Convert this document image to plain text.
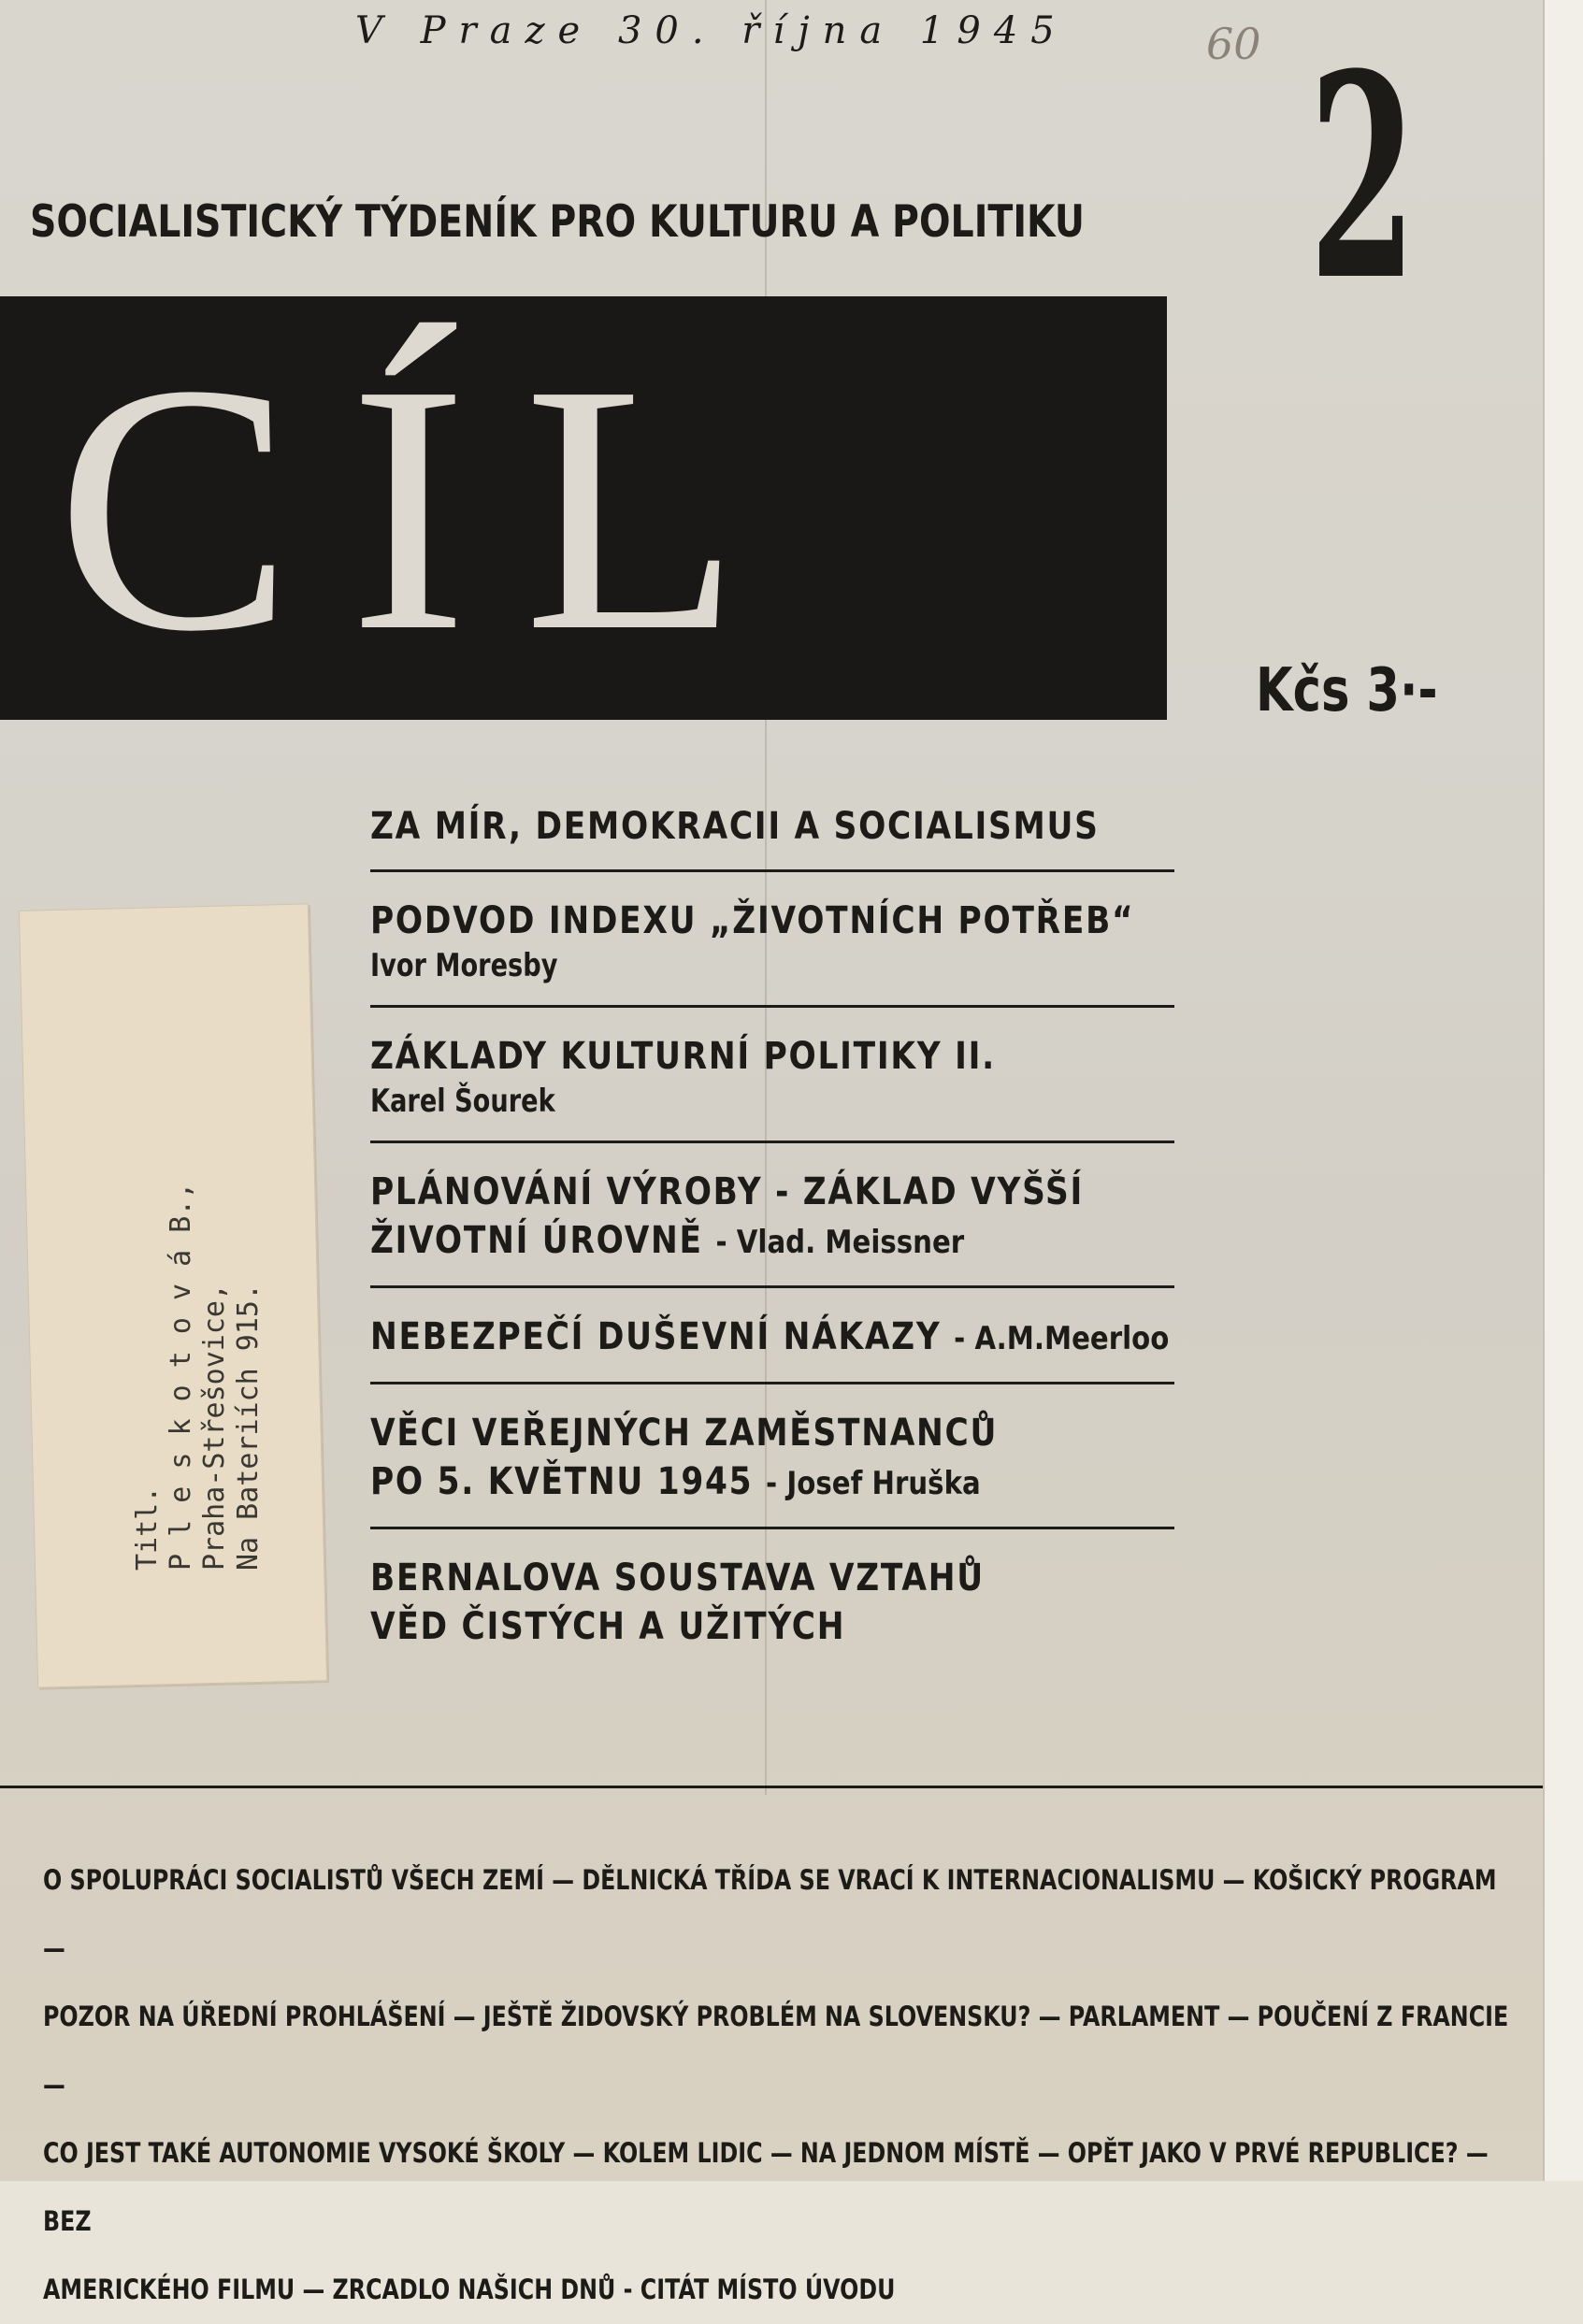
V Praze 30. října 1945	60 2
SOCIALISTICKÝ TÝDENÍK PRO KULTURU A POLITIKU
CÍL	Kčs 3·-
ZA MÍR, DEMOKRACII A SOCIALISMUS
PODVOD INDEXU „ŽIVOTNÍCH POTŘEB“
Ivor Moresby
ZÁKLADY KULTURNÍ POLITIKY II.
Karel Šourek
PLÁNOVÁNÍ VÝROBY - ZÁKLAD VYŠŠÍ
ŽIVOTNÍ ÚROVNĚ - Vlad. Meissner
NEBEZPEČÍ DUŠEVNÍ NÁKAZY - A.M.Meerloo
VĚCI VEŘEJNÝCH ZAMĚSTNANCŮ
PO 5. KVĚTNU 1945 - Josef Hruška
BERNALOVA SOUSTAVA VZTAHŮ
VĚD ČISTÝCH A UŽITÝCH
Titl. P l e s k o t o v á B., Praha-Střešovice, Na Bateriích 915.
O SPOLUPRÁCI SOCIALISTŮ VŠECH ZEMÍ — DĚLNICKÁ TŘÍDA SE VRACÍ K INTERNACIONALISMU — KOŠICKÝ PROGRAM —
POZOR NA ÚŘEDNÍ PROHLÁŠENÍ — JEŠTĚ ŽIDOVSKÝ PROBLÉM NA SLOVENSKU? — PARLAMENT — POUČENÍ Z FRANCIE —
CO JEST TAKÉ AUTONOMIE VYSOKÉ ŠKOLY — KOLEM LIDIC — NA JEDNOM MÍSTĚ — OPĚT JAKO V PRVÉ REPUBLICE? — BEZ
AMERICKÉHO FILMU — ZRCADLO NAŠICH DNŮ - CITÁT MÍSTO ÚVODU
